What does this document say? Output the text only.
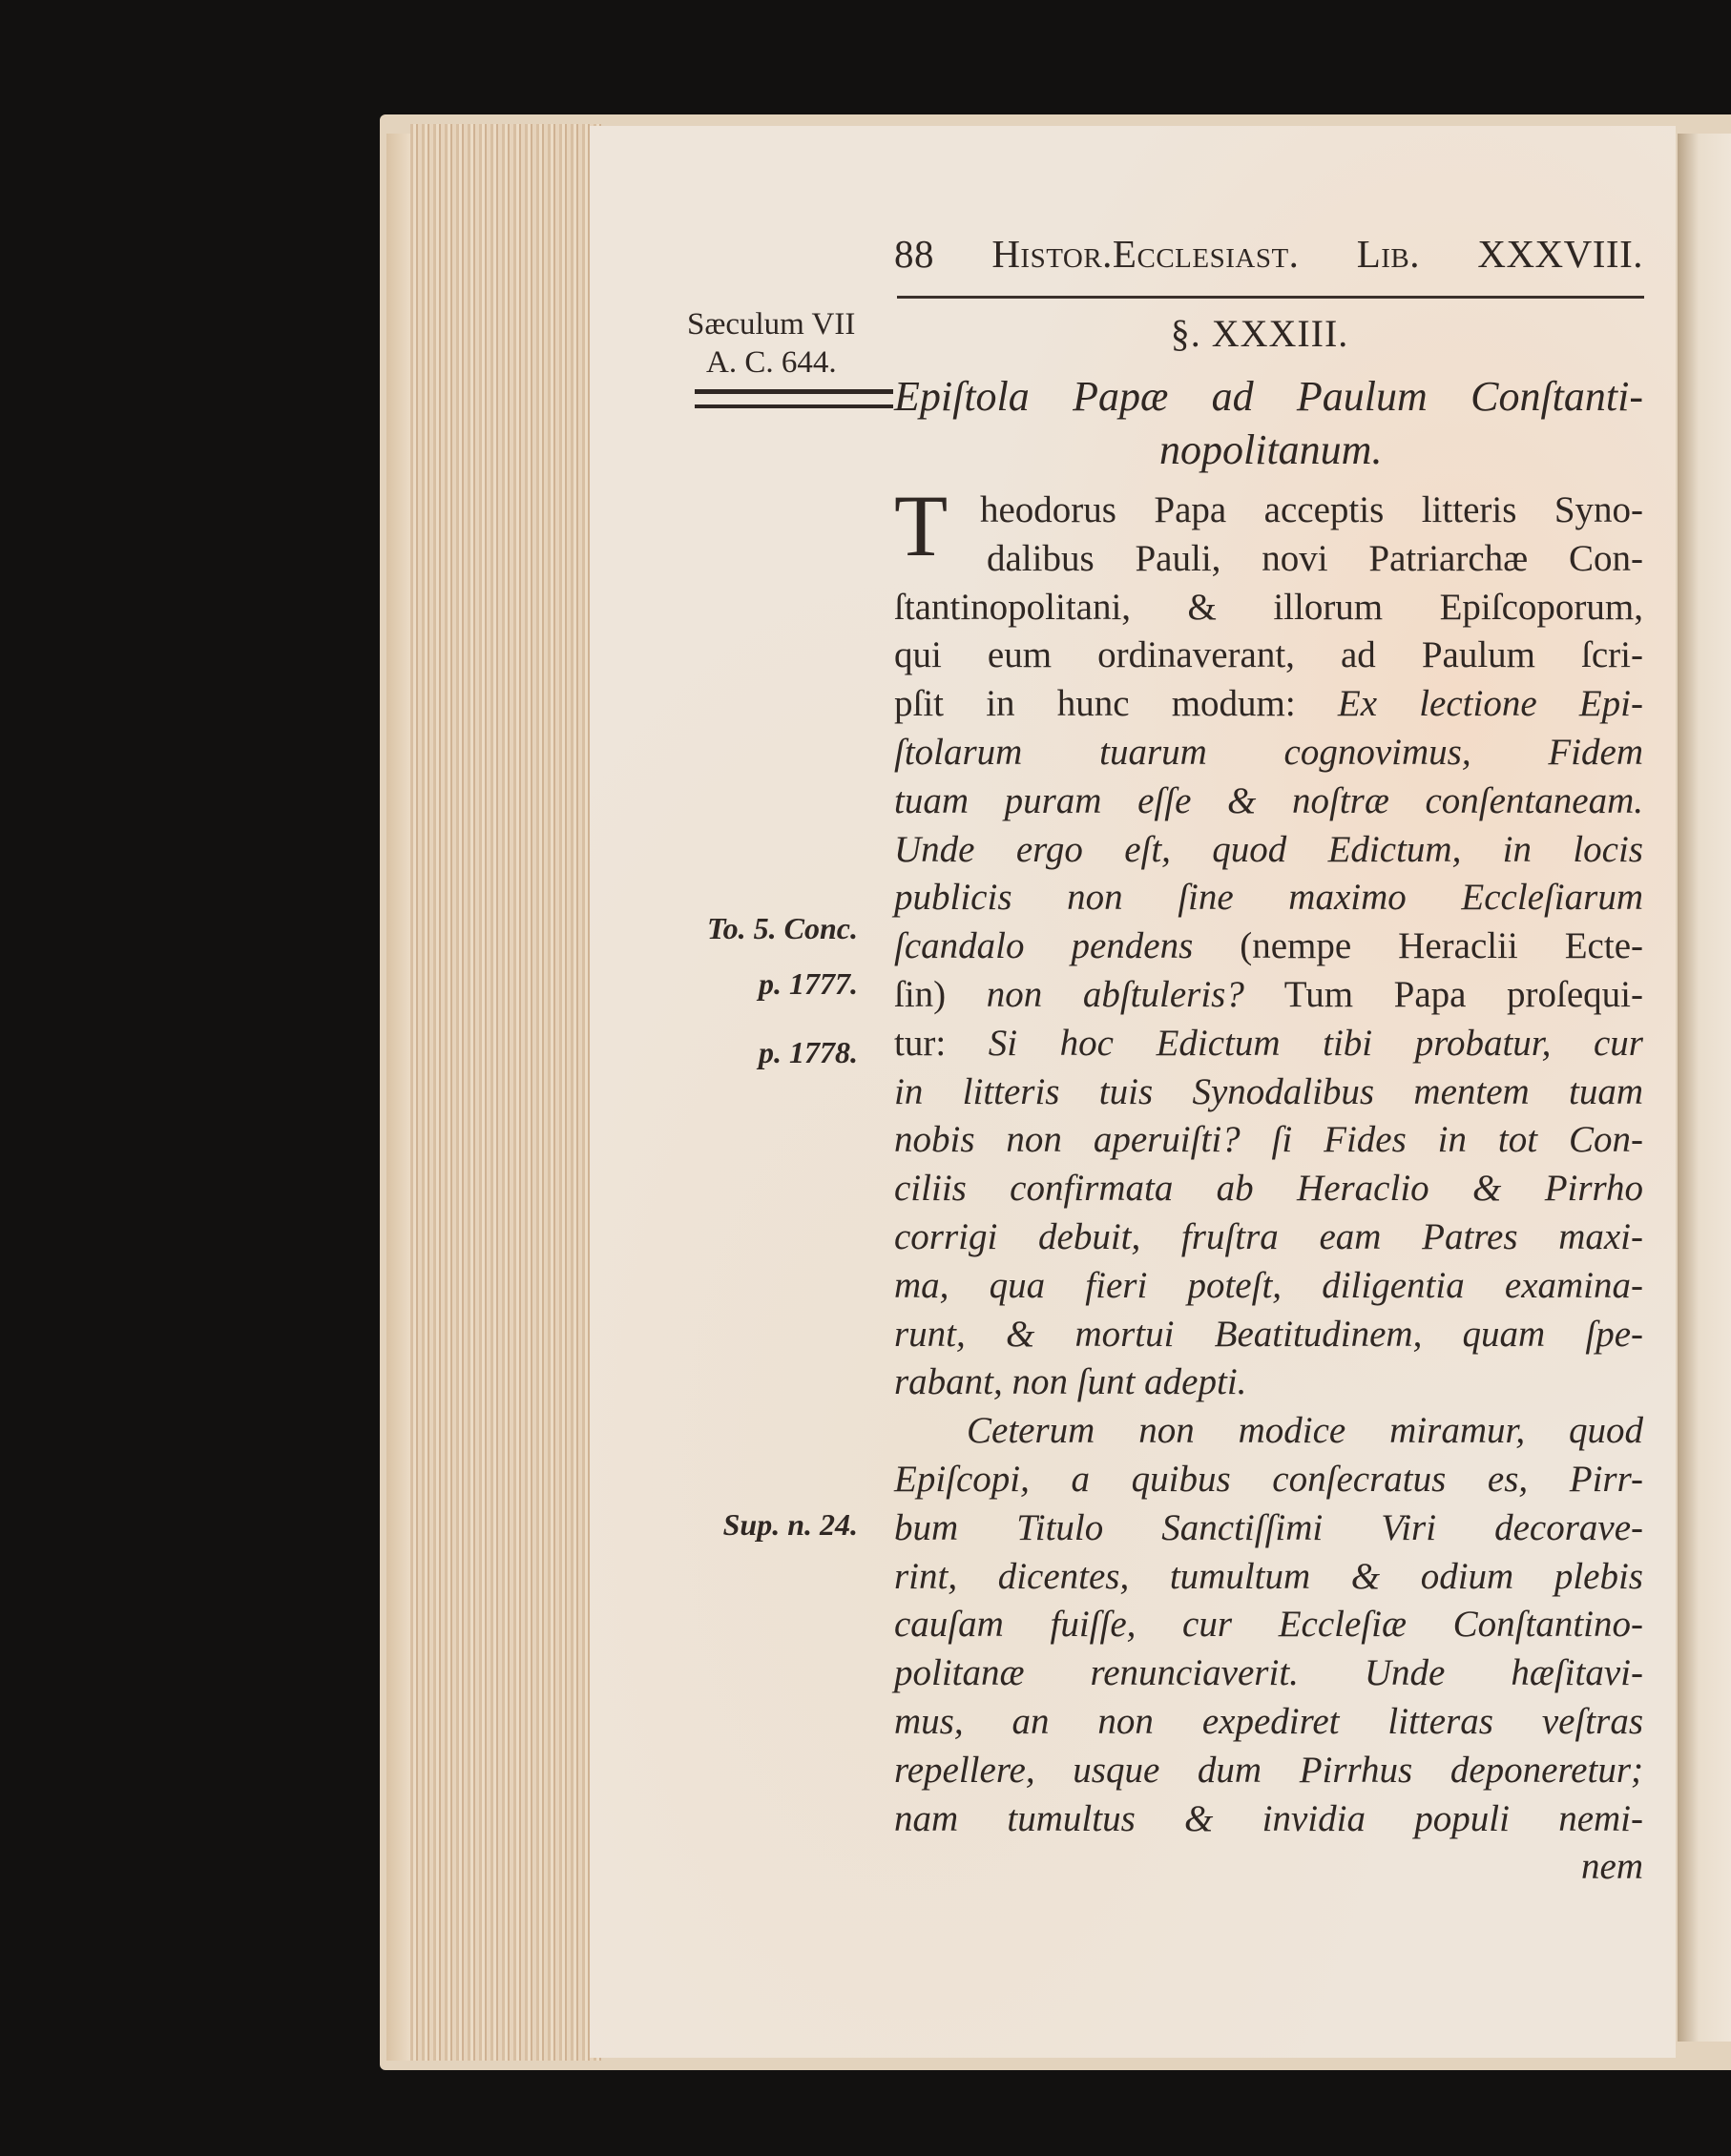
88 Histor.Ecclesiast. Lib. XXXVIII.
Sæculum VII
A. C. 644.
§. XXXIII.
Epiſtola Papæ ad Paulum Conſtanti-
nopolitanum.
T heodorus Papa acceptis litteris Syno-
dalibus Pauli, novi Patriarchæ Con-
ſtantinopolitani, & illorum Epiſcoporum,
qui eum ordinaverant, ad Paulum ſcri-
pſit in hunc modum: Ex lectione Epi-
ſtolarum tuarum cognovimus, Fidem
tuam puram eſſe & noſtræ conſentaneam.
Unde ergo eſt, quod Edictum, in locis
publicis non ſine maximo Eccleſiarum
ſcandalo pendens (nempe Heraclii Ecte-
ſin) non abſtuleris? Tum Papa proſequi-
tur: Si hoc Edictum tibi probatur, cur
in litteris tuis Synodalibus mentem tuam
nobis non aperuiſti? ſi Fides in tot Con-
ciliis confirmata ab Heraclio & Pirrho
corrigi debuit, fruſtra eam Patres maxi-
ma, qua fieri poteſt, diligentia examina-
runt, & mortui Beatitudinem, quam ſpe-
rabant, non ſunt adepti.
Ceterum non modice miramur, quod
Epiſcopi, a quibus conſecratus es, Pirr-
bum Titulo Sanctiſſimi Viri decorave-
rint, dicentes, tumultum & odium plebis
cauſam fuiſſe, cur Eccleſiæ Conſtantino-
politanæ renunciaverit. Unde hæſitavi-
mus, an non expediret litteras veſtras
repellere, usque dum Pirrhus deponeretur;
nam tumultus & invidia populi nemi-
nem
To. 5. Conc.
p. 1777.
p. 1778.
Sup. n. 24.
